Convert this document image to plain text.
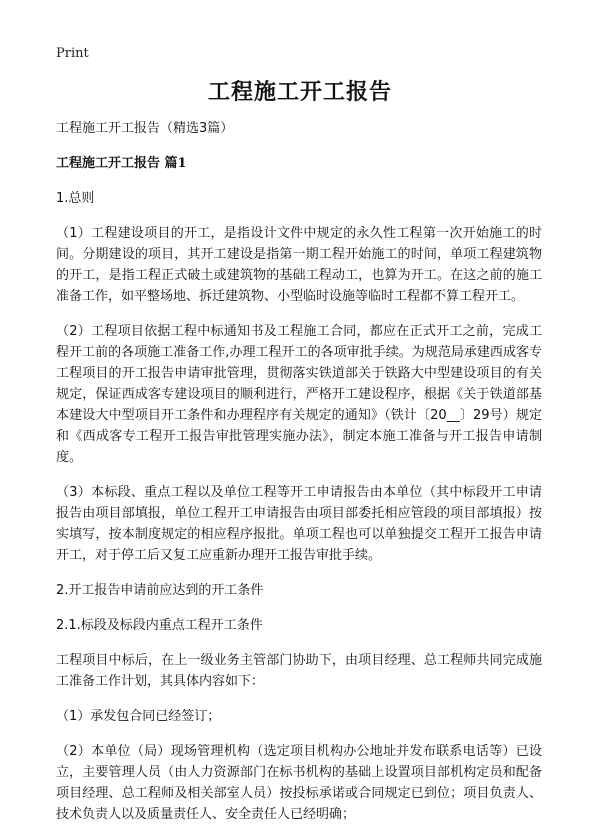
Print
工程施工开工报告

工程施工开工报告（精选3篇）

工程施工开工报告 篇1

1.总则

（1）工程建设项目的开工，是指设计文件中规定的永久性工程第一次开始施工的时间。分期建设的项目，其开工建设是指第一期工程开始施工的时间，单项工程建筑物的开工，是指工程正式破土或建筑物的基础工程动工，也算为开工。在这之前的施工准备工作，如平整场地、拆迁建筑物、小型临时设施等临时工程都不算工程开工。

（2）工程项目依据工程中标通知书及工程施工合同，都应在正式开工之前，完成工程开工前的各项施工准备工作,办理工程开工的各项审批手续。为规范局承建西成客专工程项目的开工报告申请审批管理，贯彻落实铁道部关于铁路大中型建设项目的有关规定，保证西成客专建设项目的顺利进行，严格开工建设程序，根据《关于铁道部基本建设大中型项目开工条件和办理程序有关规定的通知》（铁计〔20__〕29号）规定和《西成客专工程开工报告审批管理实施办法》，制定本施工准备与开工报告申请制度。

（3）本标段、重点工程以及单位工程等开工申请报告由本单位（其中标段开工申请报告由项目部填报，单位工程开工申请报告由项目部委托相应管段的项目部填报）按实填写，按本制度规定的相应程序报批。单项工程也可以单独提交工程开工报告申请开工，对于停工后又复工应重新办理开工报告审批手续。

2.开工报告申请前应达到的开工条件

2.1.标段及标段内重点工程开工条件

工程项目中标后，在上一级业务主管部门协助下，由项目经理、总工程师共同完成施工准备工作计划，其具体内容如下：

（1）承发包合同已经签订；

（2）本单位（局）现场管理机构（选定项目机构办公地址并发布联系电话等）已设立，主要管理人员（由人力资源部门在标书机构的基础上设置项目部机构定员和配备项目经理、总工程师及相关部室人员）按投标承诺或合同规定已到位；项目负责人、技术负责人以及质量责任人、安全责任人已经明确；
